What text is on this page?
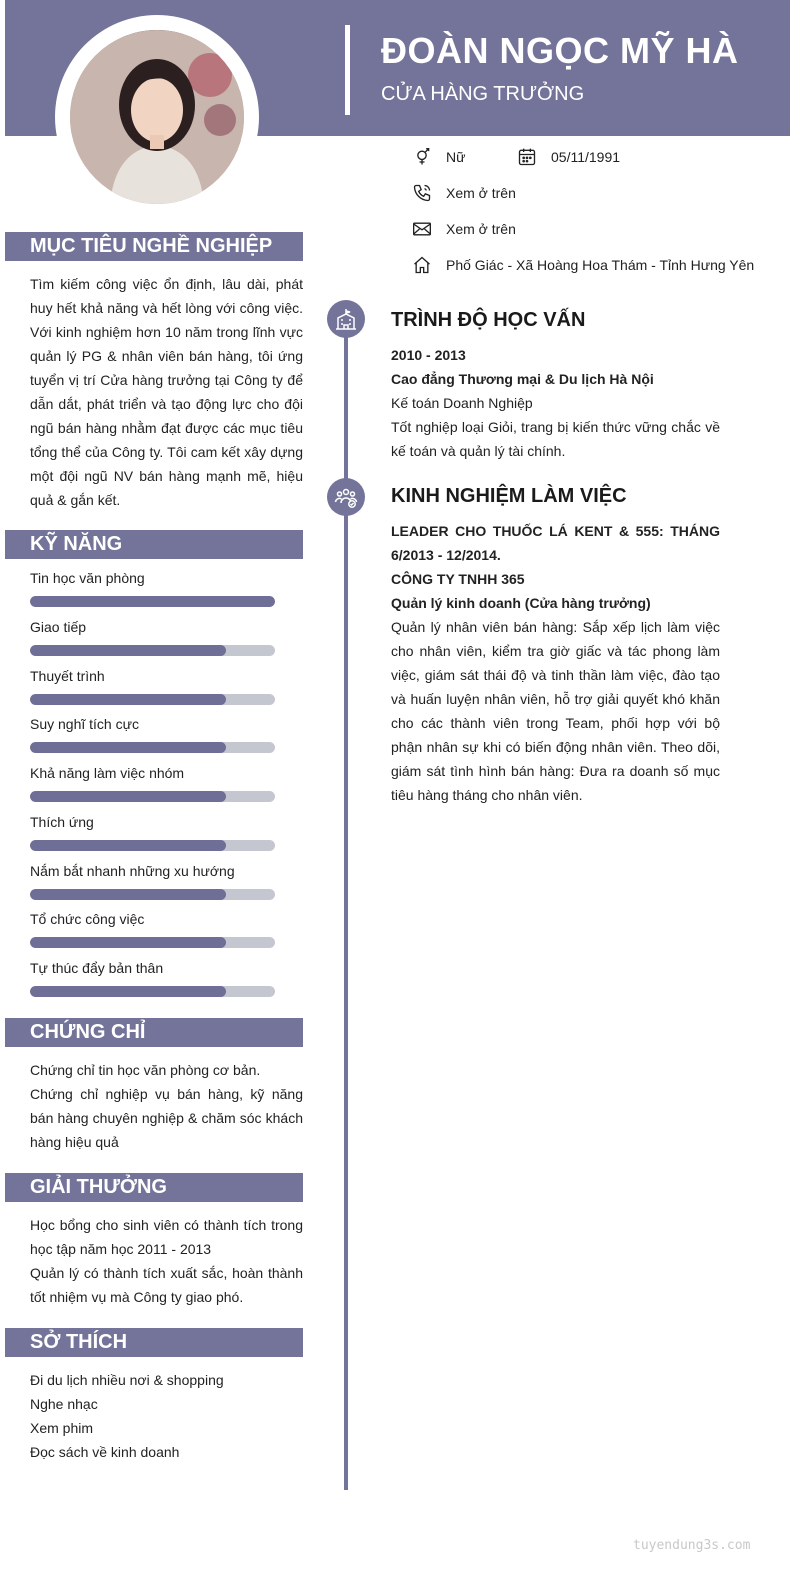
ĐOÀN NGỌC MỸ HÀ
CỬA HÀNG TRƯỞNG
Nữ	05/11/1991
Xem ở trên
Xem ở trên
Phố Giác - Xã Hoàng Hoa Thám - Tỉnh Hưng Yên
MỤC TIÊU NGHỀ NGHIỆP

Tìm kiếm công việc ổn định, lâu dài, phát huy hết khả năng và hết lòng với công việc. Với kinh nghiệm hơn 10 năm trong lĩnh vực quản lý PG & nhân viên bán hàng, tôi ứng tuyển vị trí Cửa hàng trưởng tại Công ty để dẫn dắt, phát triển và tạo động lực cho đội ngũ bán hàng nhằm đạt được các mục tiêu tổng thể của Công ty. Tôi cam kết xây dựng một đội ngũ NV bán hàng mạnh mẽ, hiệu quả & gắn kết.

KỸ NĂNG
Tin học văn phòng
Giao tiếp
Thuyết trình
Suy nghĩ tích cực
Khả năng làm việc nhóm
Thích ứng
Nắm bắt nhanh những xu hướng
Tổ chức công việc
Tự thúc đẩy bản thân
CHỨNG CHỈ

Chứng chỉ tin học văn phòng cơ bản.

Chứng chỉ nghiệp vụ bán hàng, kỹ năng bán hàng chuyên nghiệp & chăm sóc khách hàng hiệu quả

GIẢI THƯỞNG

Học bổng cho sinh viên có thành tích trong học tập năm học 2011 - 2013

Quản lý có thành tích xuất sắc, hoàn thành tốt nhiệm vụ mà Công ty giao phó.

SỞ THÍCH

Đi du lịch nhiều nơi & shopping

Nghe nhạc

Xem phim

Đọc sách về kinh doanh

TRÌNH ĐỘ HỌC VẤN
2010 - 2013
Cao đẳng Thương mại & Du lịch Hà Nội
Kế toán Doanh Nghiệp
Tốt nghiệp loại Giỏi, trang bị kiến thức vững chắc về kế toán và quản lý tài chính.
KINH NGHIỆM LÀM VIỆC
LEADER CHO THUỐC LÁ KENT & 555: THÁNG 6/2013 - 12/2014.
CÔNG TY TNHH 365
Quản lý kinh doanh (Cửa hàng trưởng)
Quản lý nhân viên bán hàng: Sắp xếp lịch làm việc cho nhân viên, kiểm tra giờ giấc và tác phong làm việc, giám sát thái độ và tinh thần làm việc, đào tạo và huấn luyện nhân viên, hỗ trợ giải quyết khó khăn cho các thành viên trong Team, phối hợp với bộ phận nhân sự khi có biến động nhân viên. Theo dõi, giám sát tình hình bán hàng: Đưa ra doanh số mục tiêu hàng tháng cho nhân viên.
tuyendung3s.com
